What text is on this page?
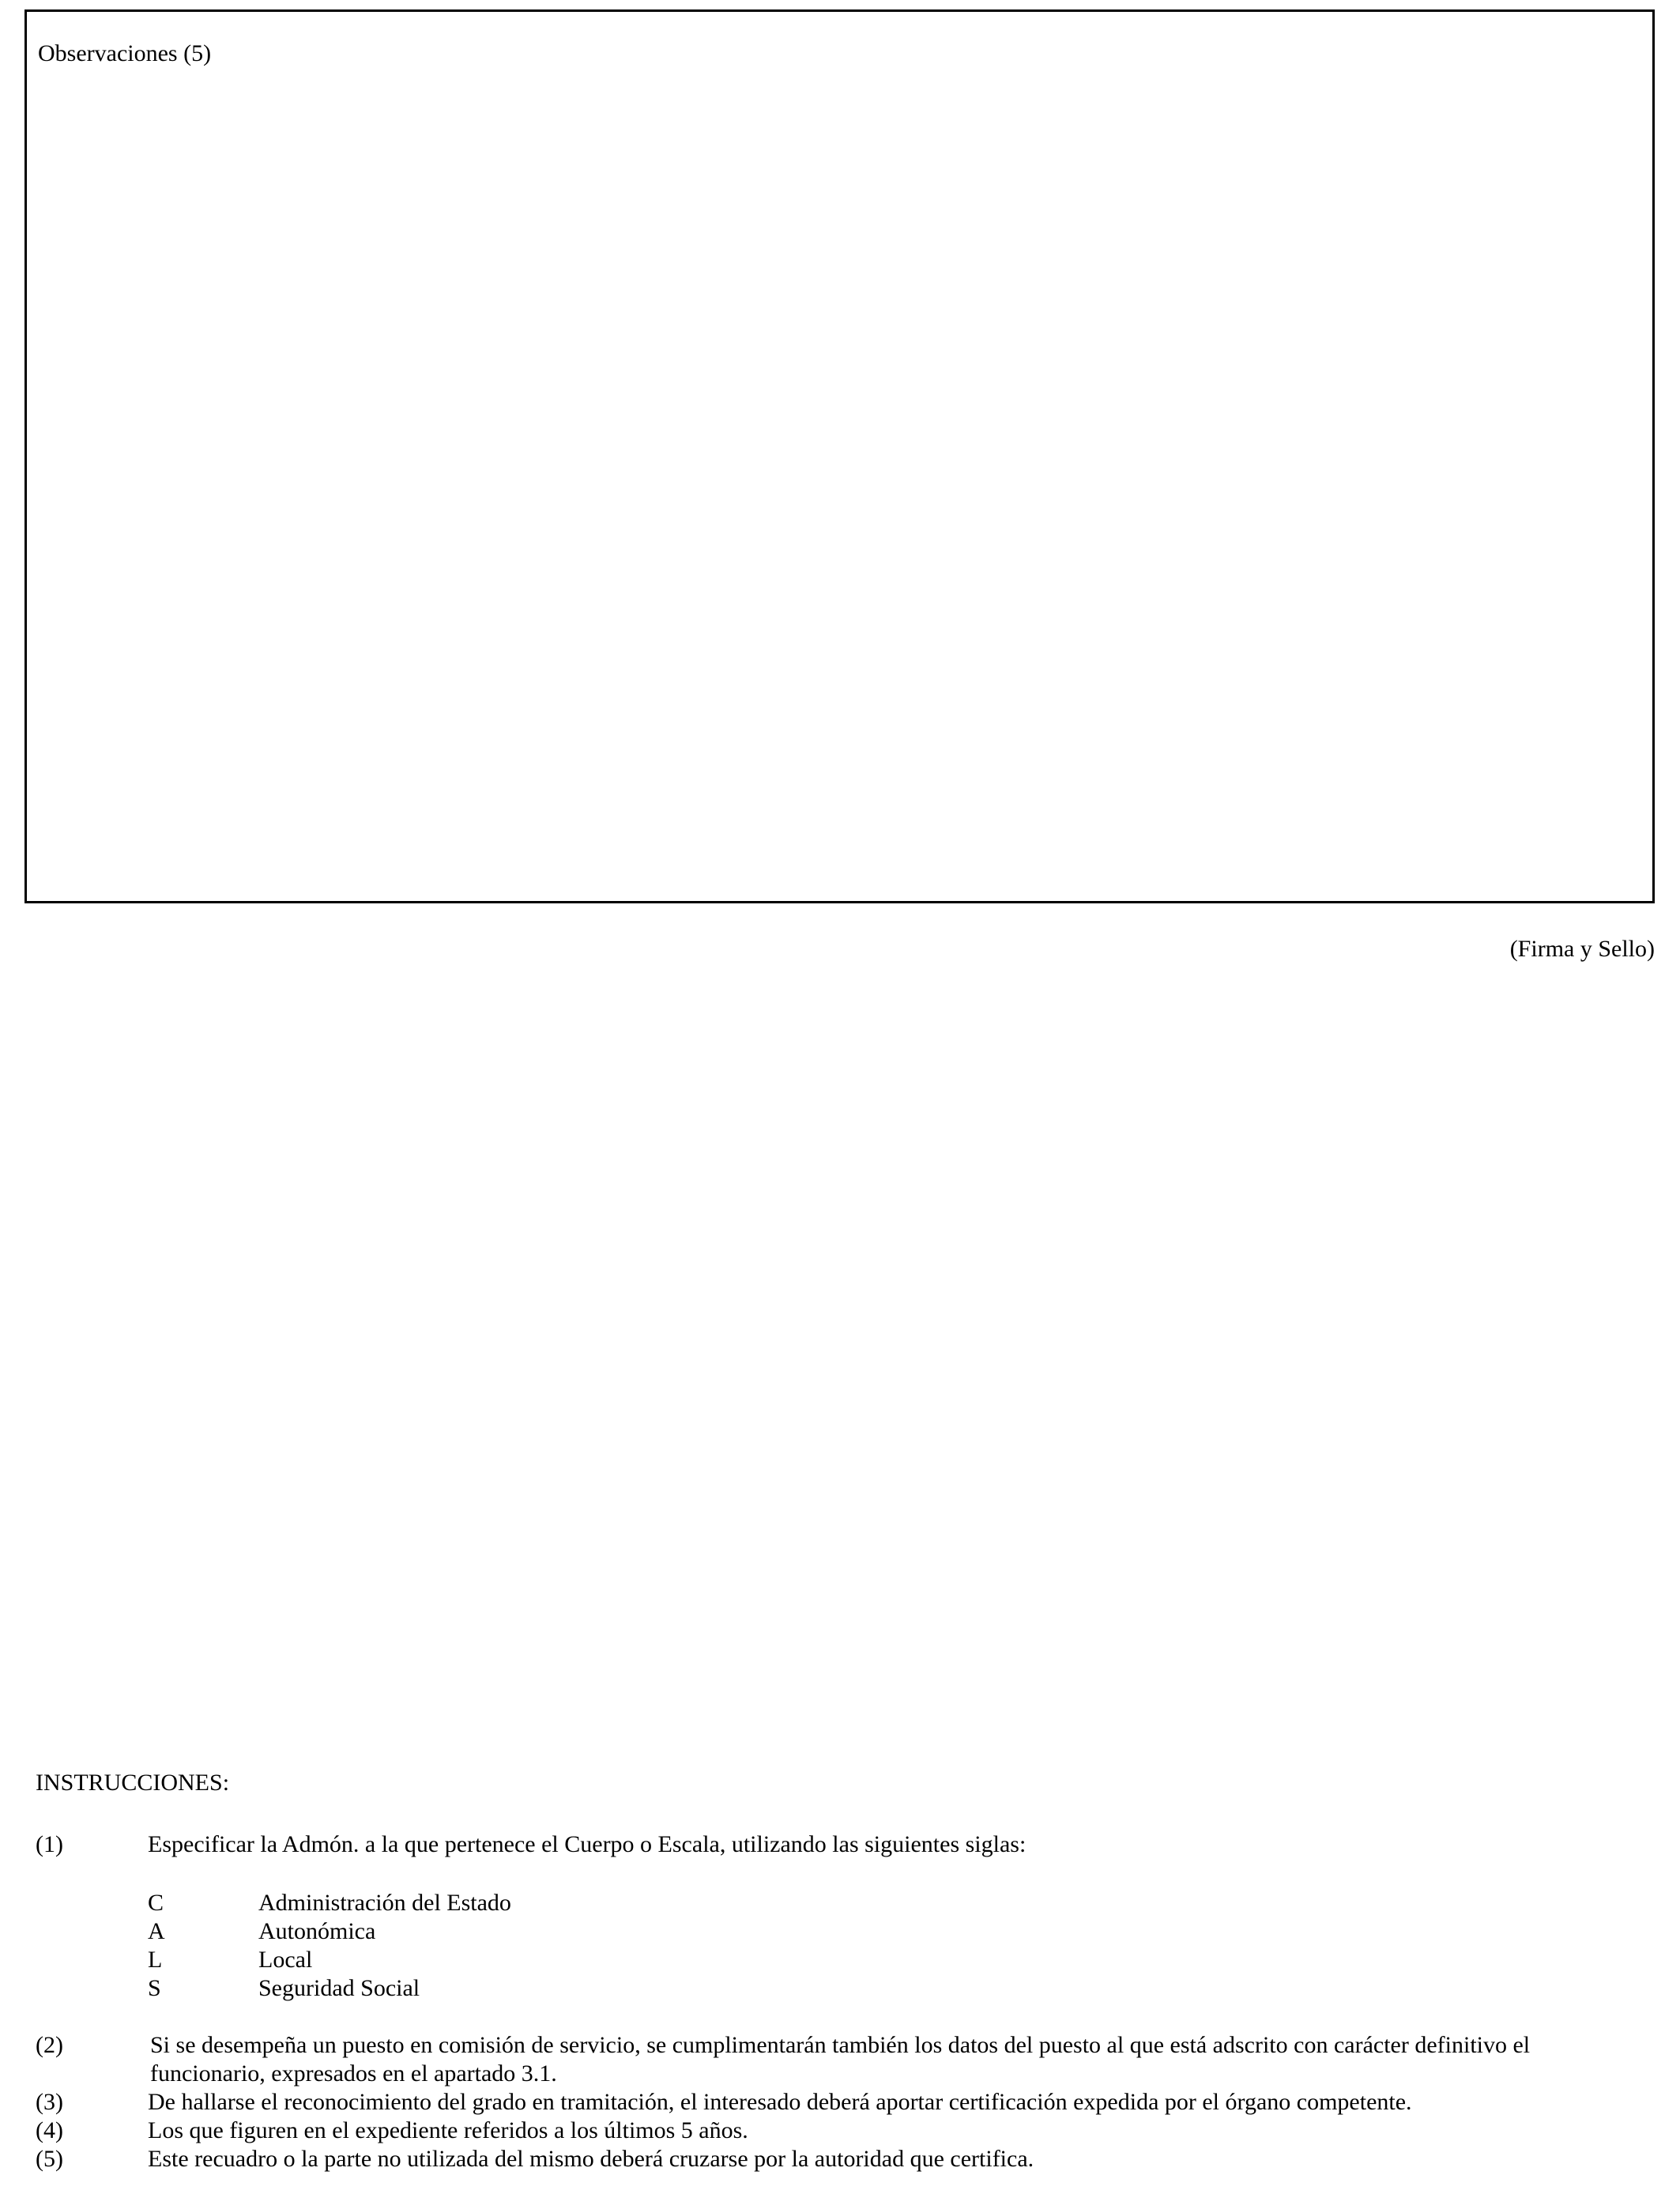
Observaciones (5)
(Firma y Sello)
INSTRUCCIONES:
(1)	Especificar la Admón. a la que pertenece el Cuerpo o Escala, utilizando las siguientes siglas:
C	Administración del Estado
A	Autonómica
L	Local
S	Seguridad Social
(2)	Si se desempeña un puesto en comisión de servicio, se cumplimentarán también los datos del puesto al que está adscrito con carácter definitivo el funcionario, expresados en el apartado 3.1.
(3)	De hallarse el reconocimiento del grado en tramitación, el interesado deberá aportar certificación expedida por el órgano competente.
(4)	Los que figuren en el expediente referidos a los últimos 5 años.
(5)	Este recuadro o la parte no utilizada del mismo deberá cruzarse por la autoridad que certifica.
